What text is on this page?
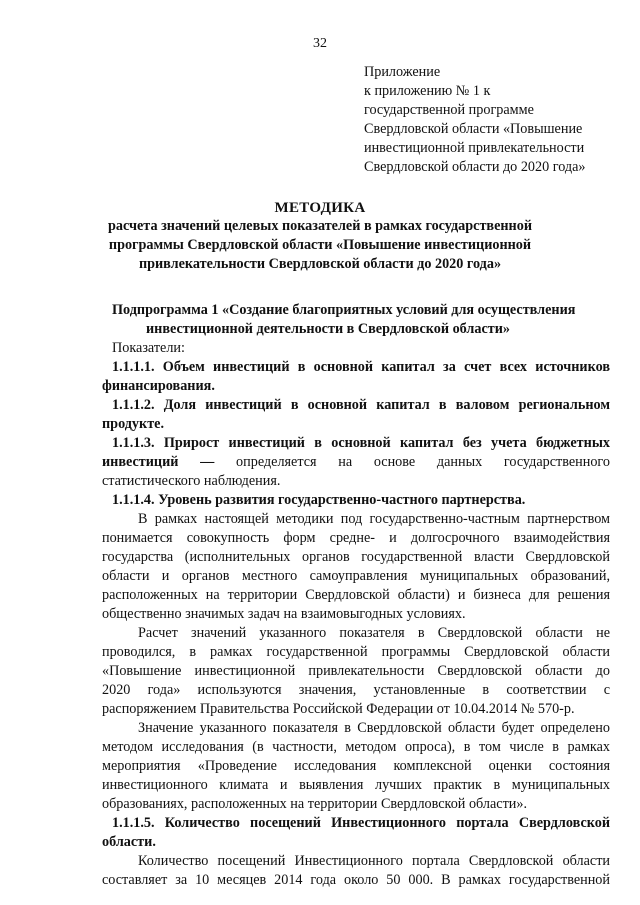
32
Приложение
к приложению № 1 к
государственной программе
Свердловской области «Повышение
инвестиционной привлекательности
Свердловской области до 2020 года»
МЕТОДИКА
расчета значений целевых показателей в рамках государственной
программы Свердловской области «Повышение инвестиционной
привлекательности Свердловской области до 2020 года»
Подпрограмма 1 «Создание благоприятных условий для осуществления
инвестиционной деятельности в Свердловской области»
Показатели:
1.1.1.1. Объем инвестиций в основной капитал за счет всех источников
финансирования.
1.1.1.2. Доля инвестиций в основной капитал в валовом региональном
продукте.
1.1.1.3. Прирост инвестиций в основной капитал без учета бюджетных
инвестиций — определяется на основе данных государственного
статистического наблюдения.
1.1.1.4. Уровень развития государственно-частного партнерства.
В рамках настоящей методики под государственно-частным партнерством
понимается совокупность форм средне- и долгосрочного взаимодействия
государства (исполнительных органов государственной власти Свердловской
области и органов местного самоуправления муниципальных образований,
расположенных на территории Свердловской области) и бизнеса для решения
общественно значимых задач на взаимовыгодных условиях.
Расчет значений указанного показателя в Свердловской области не
проводился, в рамках государственной программы Свердловской области
«Повышение инвестиционной привлекательности Свердловской области до
2020 года» используются значения, установленные в соответствии с
распоряжением Правительства Российской Федерации от 10.04.2014 № 570-р.
Значение указанного показателя в Свердловской области будет определено
методом исследования (в частности, методом опроса), в том числе в рамках
мероприятия «Проведение исследования комплексной оценки состояния
инвестиционного климата и выявления лучших практик в муниципальных
образованиях, расположенных на территории Свердловской области».
1.1.1.5. Количество посещений Инвестиционного портала Свердловской
области.
Количество посещений Инвестиционного портала Свердловской области
составляет за 10 месяцев 2014 года около 50 000. В рамках государственной
